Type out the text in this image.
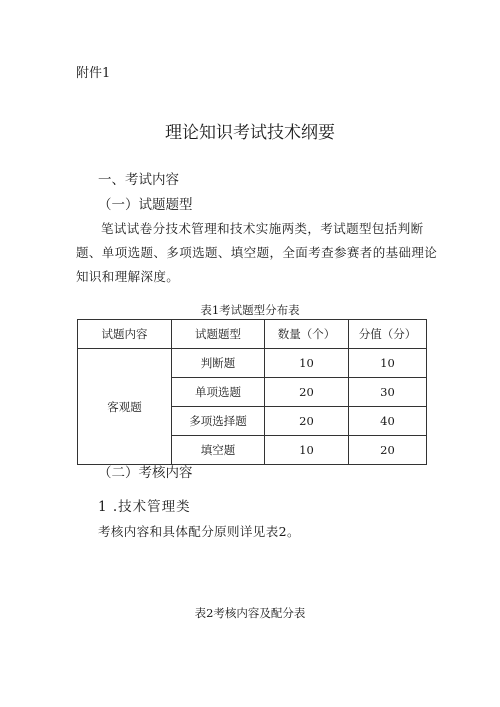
附件1
理论知识考试技术纲要
一、考试内容
（一）试题题型
笔试试卷分技术管理和技术实施两类，考试题型包括判断题、单项选题、多项选题、填空题，全面考查参赛者的基础理论知识和理解深度。
表1考试题型分布表
试题内容	试题题型	数量（个）	分值（分）
客观题	判断题	10	10
	单项选题	20	30
	多项选择题	20	40
	填空题	10	20
（二）考核内容
1 .技术管理类
考核内容和具体配分原则详见表2。
表2考核内容及配分表
